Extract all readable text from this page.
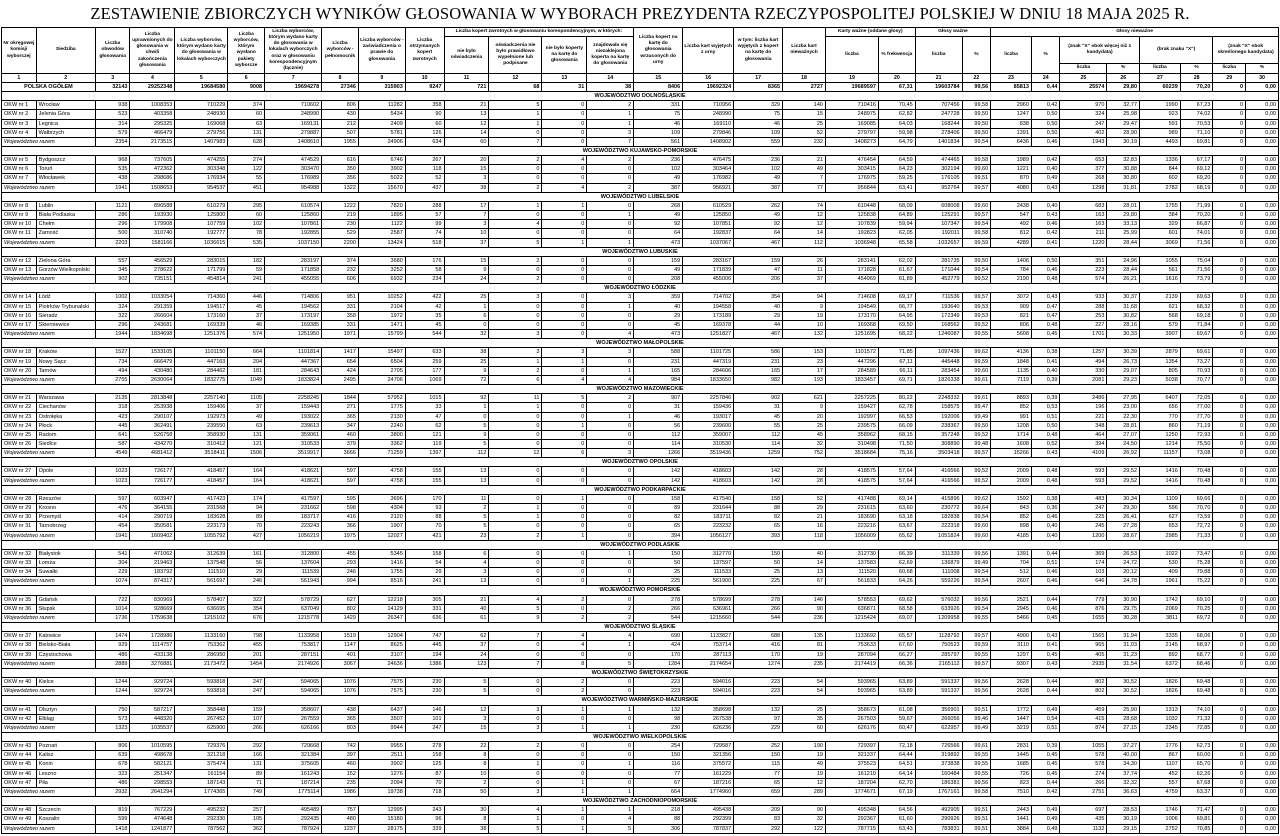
ZESTAWIENIE ZBIORCZYCH WYNIKÓW GŁOSOWANIA W WYBORACH PREZYDENTA RZECZYPOSPOLITEJ POLSKIEJ W DNIU 18 MAJA 2025 R.
Nr okręgowej komisji wyborczej	Siedziba	Liczba obwodów głosowania	Liczba uprawnionych do głosowania w chwili zakończenia głosowania	Liczba wyborców, którym wydano karty do głosowania w lokalach wyborczych	Liczba wyborców, którym wysłano pakiety wyborcze	Liczba wyborców, którym wydano karty do głosowania w lokalach wyborczych oraz w głosowaniu korespondencyjnym (łącznie)	Liczba wyborców - pełnomocnik	Liczba wyborców - zaświadczenia o prawie do głosowania	Liczba otrzymanych kopert zwrotnych	Liczba kopert zwrotnych w głosowaniu korespondencyjnym, w których:				Liczba kopert na kartę do głosowania wrzuconych do urny	Liczba kart wyjętych z urny	w tym: liczba kart wyjętych z kopert na kartę do głosowania	Liczba kart nieważnych	Karty ważne (oddane głosy)		Głosy ważne		Głosy nieważne							
										nie było oświadczenia	oświadczenia nie było prawidłowo wypełnione lub podpisane	nie było koperty na kartę do głosowania	znajdowała się niezaklejona koperta na kartę do głosowania					liczba	% frekwencja	liczba	%	liczba	%	(znak "X" obok więcej niż 1 kandydata)		(brak znaku "X")		(znak "X" obok skreślonego kandydata)	
																								liczba	%	liczba	%	liczba	%
1	2	3	4	5	6	7	8	9	10	11	12	13	14	15	16	17	18	19	20	21	22	23	24	25	26	27	28	29	30
POLSKA OGÓŁEM		32143	29252348	19684580	9008	19694278	27346	315903	9247	721	68	31	38	8406	19692324	8365	2727	19689597	67,31	19603784	99,56	85813	0,44	25574	29,80	60239	70,20	0	0,00
WOJEWÓDZTWO DOLNOŚLĄSKIE																													
OKW nr 1	Wrocław	938	1008353	710229	374	710602	806	11282	358	21	5	0	2	331	710956	329	140	710416	70,45	707456	99,58	2960	0,42	970	32,77	1990	67,23	0	0,00
OKW nr 2	Jelenia Góra	523	403358	248930	60	248990	430	5434	90	13	1	0	1	75	248990	75	15	248975	62,82	247728	99,50	1247	0,50	324	25,98	923	74,02	0	0,00
OKW nr 3	Legnica	314	295325	169068	63	169131	212	2409	60	12	1	0	1	46	169110	46	25	169085	64,03	168244	99,50	838	0,50	247	29,47	591	70,53	0	0,00
OKW nr 4	Wałbrzych	579	466479	279756	131	279887	507	5781	126	14	0	0	3	109	279846	109	52	279797	59,98	278406	99,50	1391	0,50	402	28,90	989	71,10	0	0,00
Województwo razem		2354	2173515	1407983	628	1408610	1955	24906	634	60	7	0	7	561	1408902	559	232	1408273	64,79	1401834	99,54	6436	0,46	1943	30,19	4493	69,81	0	0,00
WOJEWÓDZTWO KUJAWSKO-POMORSKIE																													
OKW nr 5	Bydgoszcz	968	737605	474255	274	474529	616	6746	267	20	2	4	2	236	476475	236	21	476454	64,59	474465	99,58	1989	0,42	653	32,83	1336	67,17	0	0,00
OKW nr 6	Toruń	535	472362	303348	122	303470	350	3902	118	15	0	0	0	102	303464	102	49	303415	64,23	302194	99,60	1221	0,40	377	30,88	844	69,12	0	0,00
OKW nr 7	Włocławek	438	298686	176934	55	176989	356	5022	52	3	0	0	0	49	176982	49	7	176975	59,25	176105	99,51	870	0,49	268	30,80	602	69,20	0	0,00
Województwo razem		1941	1508653	954537	451	954988	1322	15670	437	38	2	4	2	387	956921	387	77	956844	63,41	952764	99,57	4080	0,43	1298	31,81	2782	68,19	0	0,00
WOJEWÓDZTWO LUBELSKIE																													
OKW nr 8	Lublin	1121	896588	610279	295	610574	1222	7820	288	17	1	1	0	268	610529	262	74	610448	68,09	608008	99,60	2438	0,40	683	28,01	1755	71,99	0	0,00
OKW nr 9	Biała Podlaska	286	193930	125800	60	125860	219	1895	57	7	0	0	1	49	125850	49	12	125838	64,89	125291	99,57	547	0,43	163	29,80	384	70,20	0	0,00
OKW nr 10	Chełm	296	179908	107759	102	107861	230	1122	99	3	4	0	0	92	107851	92	12	107839	59,94	107347	99,54	492	0,46	163	33,13	329	66,87	0	0,00
OKW nr 11	Zamość	500	310740	192777	78	192855	529	2587	74	10	0	0	0	64	192837	64	14	192823	62,05	192011	99,58	812	0,42	211	25,99	601	74,01	0	0,00
Województwo razem		2203	1581166	1036615	535	1037150	2200	13424	518	37	5	1	1	473	1037067	467	112	1036948	65,58	1032657	99,59	4289	0,41	1220	28,44	3069	71,56	0	0,00
WOJEWÓDZTWO LUBUSKIE																													
OKW nr 12	Zielona Góra	557	456529	283015	182	283197	374	3680	176	15	2	0	0	159	283167	159	26	283141	62,02	281735	99,50	1406	0,50	351	24,96	1055	75,04	0	0,00
OKW nr 13	Gorzów Wielkopolski	345	278622	171799	59	171858	232	3252	58	9	0	0	0	49	171839	47	11	171828	61,67	171044	99,54	784	0,46	223	28,44	561	71,56	0	0,00
Województwo razem		902	735151	454814	241	455055	606	6932	234	24	2	0	0	208	455006	206	37	454969	61,89	452779	99,52	2190	0,48	574	26,21	1616	73,79	0	0,00
WOJEWÓDZTWO ŁÓDZKIE																													
OKW nr 14	Łódź	1002	1033054	714360	446	714806	951	10252	422	25	3	0	3	359	714702	354	94	714608	69,17	711536	99,57	3072	0,43	933	30,37	2139	69,63	0	0,00
OKW nr 15	Piotrków Trybunalski	324	291359	194517	45	194562	331	2104	42	1	0	0	1	40	194558	40	9	194549	66,77	193640	99,53	909	0,47	288	31,68	621	68,32	0	0,00
OKW nr 16	Sieradz	322	266604	173160	37	173197	358	1972	35	6	0	0	0	29	173189	29	19	173170	64,95	172349	99,53	821	0,47	253	30,82	568	69,18	0	0,00
OKW nr 17	Skierniewice	296	243681	169339	46	169385	331	1471	45	0	0	0	0	45	169378	44	10	169368	69,50	168562	99,52	806	0,48	227	28,16	579	71,84	0	0,00
Województwo razem		1944	1834698	1251376	574	1251950	1971	15799	544	32	3	0	4	473	1251827	467	132	1251695	68,22	1246087	99,55	5608	0,45	1701	30,33	3907	69,67	0	0,00
WOJEWÓDZTWO MAŁOPOLSKIE																													
OKW nr 18	Kraków	1527	1533105	1101150	664	1101814	1417	15497	633	38	3	3	3	588	1101725	586	153	1101572	71,85	1097436	99,62	4136	0,38	1257	30,39	2879	69,61	0	0,00
OKW nr 19	Nowy Sącz	734	666479	447163	204	447367	654	6504	259	25	1	1	0	231	447319	231	23	447296	67,11	445448	99,59	1848	0,41	494	26,73	1354	73,27	0	0,00
OKW nr 20	Tarnów	494	430480	284462	181	284643	424	2705	177	9	2	0	1	165	284606	165	17	284589	66,11	283454	99,60	1135	0,40	330	29,07	805	70,93	0	0,00
Województwo razem		2755	2630064	1832775	1049	1833824	2495	24706	1069	72	6	4	4	984	1833650	982	193	1833457	69,71	1826338	99,61	7119	0,39	2081	29,23	5038	70,77	0	0,00
WOJEWÓDZTWO MAZOWIECKIE																													
OKW nr 21	Warszawa	2135	2813848	2257140	1105	2258245	1844	57952	1015	92	11	5	2	907	2257846	902	621	2257225	80,22	2248332	99,61	8893	0,39	2486	27,95	6407	72,05	0	0,00
OKW nr 22	Ciechanów	318	253938	159406	37	159443	271	1775	33	1	1	0	0	31	159436	31	9	159427	62,78	158575	99,47	852	0,53	196	23,00	656	77,00	0	0,00
OKW nr 23	Ostrołęka	423	290107	192973	49	193022	365	2130	47	0	0	0	1	46	193017	45	20	192997	66,53	192006	99,49	991	0,51	221	22,30	770	77,70	0	0,00
OKW nr 24	Płock	445	362491	239550	63	239613	347	2240	62	5	0	1	0	56	239600	55	25	239575	66,09	238367	99,50	1208	0,50	348	28,81	860	71,19	0	0,00
OKW nr 25	Radom	641	526758	358930	131	359061	460	3800	121	9	0	0	0	112	359007	112	45	358962	68,15	357248	99,52	1714	0,48	464	27,07	1250	72,93	0	0,00
OKW nr 26	Siedlce	587	434270	310412	121	310533	379	3362	119	5	0	0	0	114	310530	114	32	310498	71,50	308890	99,48	1608	0,52	394	24,50	1214	75,50	0	0,00
Województwo razem		4549	4681412	3518411	1506	3519917	3666	71259	1397	112	12	6	3	1266	3519436	1259	752	3518684	75,16	3503418	99,57	15266	0,43	4109	26,92	11157	73,08	0	0,00
WOJEWÓDZTWO OPOLSKIE																													
OKW nr 27	Opole	1023	726177	418457	164	418621	597	4758	155	13	0	0	0	142	418603	142	28	418575	57,64	416566	99,52	2009	0,48	593	29,52	1416	70,48	0	0,00
Województwo razem		1023	726177	418457	164	418621	597	4758	155	13	0	0	0	142	418603	142	28	418575	57,64	416566	99,52	2009	0,48	593	29,52	1416	70,48	0	0,00
WOJEWÓDZTWO PODKARPACKIE																													
OKW nr 28	Rzeszów	597	603947	417423	174	417597	595	3696	170	11	0	1	0	158	417540	158	52	417488	69,14	415896	99,62	1592	0,38	483	30,34	1109	69,66	0	0,00
OKW nr 29	Krosno	476	364155	231568	94	231662	598	4304	93	2	1	0	0	89	231644	88	29	231615	63,60	230772	99,64	843	0,36	247	29,30	596	70,70	0	0,00
OKW nr 30	Przemyśl	414	290719	183628	89	183717	416	2120	88	5	1	0	0	82	183711	82	21	183690	63,18	182838	99,54	852	0,46	225	26,41	627	73,59	0	0,00
OKW nr 31	Tarnobrzeg	454	350581	223173	70	223243	366	1907	70	5	0	0	0	65	223232	65	16	223216	63,67	222318	99,60	898	0,40	245	27,28	653	72,72	0	0,00
Województwo razem		1941	1609402	1055792	427	1056219	1975	12027	421	23	2	1	0	394	1056127	393	118	1056009	65,62	1051824	99,60	4185	0,40	1200	28,67	2985	71,33	0	0,00
WOJEWÓDZTWO PODLASKIE																													
OKW nr 32	Białystok	541	471062	312639	161	312800	455	5345	158	6	0	0	1	150	312770	150	40	312730	66,39	311339	99,56	1391	0,44	369	26,53	1022	73,47	0	0,00
OKW nr 33	Łomża	304	219463	137548	56	137604	293	1416	54	4	0	0	0	50	137597	50	14	137583	62,69	136879	99,49	704	0,51	174	24,72	530	75,28	0	0,00
OKW nr 34	Suwałki	229	183792	111510	29	111539	246	1755	29	3	0	0	0	25	111533	25	13	111520	60,68	111008	99,54	512	0,46	103	20,12	409	79,88	0	0,00
Województwo razem		1074	874317	561697	246	561943	994	8516	241	13	0	0	1	225	561900	225	67	561833	64,26	559226	99,54	2607	0,46	646	24,78	1961	75,22	0	0,00
WOJEWÓDZTWO POMORSKIE																													
OKW nr 35	Gdańsk	722	830969	578407	322	578729	627	12218	305	21	4	2	0	278	578699	278	146	578553	69,62	576032	99,56	2521	0,44	779	30,90	1742	69,10	0	0,00
OKW nr 36	Słupsk	1014	928669	636695	354	637049	802	14129	331	40	5	0	2	266	636961	266	90	636871	68,58	633926	99,54	2945	0,46	876	29,75	2069	70,25	0	0,00
Województwo razem		1736	1759638	1215102	676	1215778	1429	26347	636	61	9	2	2	544	1215660	544	236	1215424	69,07	1209958	99,55	5466	0,45	1655	30,28	3811	69,72	0	0,00
WOJEWÓDZTWO ŚLĄSKIE																													
OKW nr 37	Katowice	1474	1728986	1133160	798	1133958	1519	12904	747	62	7	4	4	690	1133827	688	135	1133692	65,57	1128792	99,57	4900	0,43	1565	31,94	3335	68,06	0	0,00
OKW nr 38	Bielsko-Biała	929	1114757	753362	455	753817	1147	8625	445	37	0	4	1	424	753714	416	81	753633	67,60	750523	99,59	3110	0,41	965	31,03	2145	68,97	0	0,00
OKW nr 39	Częstochowa	486	433138	286950	201	287151	401	3107	194	24	0	0	0	170	287113	170	19	287094	66,27	285797	99,55	1297	0,45	405	31,23	892	68,77	0	0,00
Województwo razem		2889	3276881	2173472	1454	2174926	3067	24636	1386	123	7	8	5	1284	2174654	1274	235	2174419	66,36	2165112	99,57	9307	0,43	2935	31,54	6372	68,46	0	0,00
WOJEWÓDZTWO ŚWIĘTOKRZYSKIE																													
OKW nr 40	Kielce	1244	929724	593818	247	594065	1076	7575	230	5	0	2	0	223	594016	223	54	593965	63,89	591337	99,56	2628	0,44	802	30,52	1826	69,48	0	0,00
Województwo razem		1244	929724	593818	247	594065	1076	7575	230	5	0	2	0	223	594016	223	54	593965	63,89	591337	99,56	2628	0,44	802	30,52	1826	69,48	0	0,00
WOJEWÓDZTWO WARMIŃSKO-MAZURSKIE																													
OKW nr 41	Olsztyn	750	587217	358448	159	358607	438	6437	146	12	3	1	1	132	358698	132	25	358673	61,08	356901	99,51	1772	0,49	459	25,90	1313	74,10	0	0,00
OKW nr 42	Elbląg	573	448320	267452	107	267559	365	3507	101	3	0	0	0	98	267538	97	35	267503	59,67	266056	99,46	1447	0,54	415	28,68	1032	71,32	0	0,00
Województwo razem		1323	1035537	625900	266	626166	803	9944	247	15	3	1	1	230	626236	229	60	626176	60,47	622957	99,49	3219	0,51	874	27,15	2345	72,85	0	0,00
WOJEWÓDZTWO WIELKOPOLSKIE																													
OKW nr 43	Poznań	806	1010595	729376	292	729668	742	9955	278	22	2	0	0	254	729587	252	190	729397	72,18	726566	99,61	2831	0,39	1055	37,27	1776	62,73	0	0,00
OKW nr 44	Kalisz	639	498678	321218	166	321384	397	2511	158	8	0	0	0	150	321356	150	19	321337	64,44	319892	99,55	1445	0,45	578	40,00	867	60,00	0	0,00
OKW nr 45	Konin	678	582121	375474	131	375605	460	3902	125	8	1	0	1	116	375572	115	49	375523	64,51	373838	99,55	1685	0,45	578	34,30	1107	65,70	0	0,00
OKW nr 46	Leszno	323	251347	161154	89	161243	152	1276	87	10	0	0	0	77	161229	77	19	161210	64,14	160484	99,55	726	0,45	274	37,74	452	62,26	0	0,00
OKW nr 47	Piła	486	298553	187143	71	187214	235	2094	70	2	0	1	0	67	187216	65	12	187204	62,70	186381	99,56	823	0,44	266	32,32	557	67,68	0	0,00
Województwo razem		2932	2641294	1774365	749	1775114	1986	19738	718	50	3	1	1	664	1774960	659	289	1774671	67,19	1767161	99,58	7510	0,42	2751	36,63	4759	63,37	0	0,00
WOJEWÓDZTWO ZACHODNIOPOMORSKIE																													
OKW nr 48	Szczecin	819	767229	495232	257	495489	757	12995	243	30	4	1	1	218	495438	209	90	495348	64,56	492905	99,51	2443	0,49	697	28,53	1746	71,47	0	0,00
OKW nr 49	Koszalin	599	474648	292330	105	292435	480	15180	96	8	1	0	4	88	292399	83	32	292367	61,60	290926	99,51	1441	0,49	435	30,19	1006	69,81	0	0,00
Województwo razem		1418	1241877	787562	362	787924	1237	28175	339	38	5	1	5	306	787837	292	122	787715	63,43	783831	99,51	3884	0,49	1132	29,15	2752	70,85	0	0,00
